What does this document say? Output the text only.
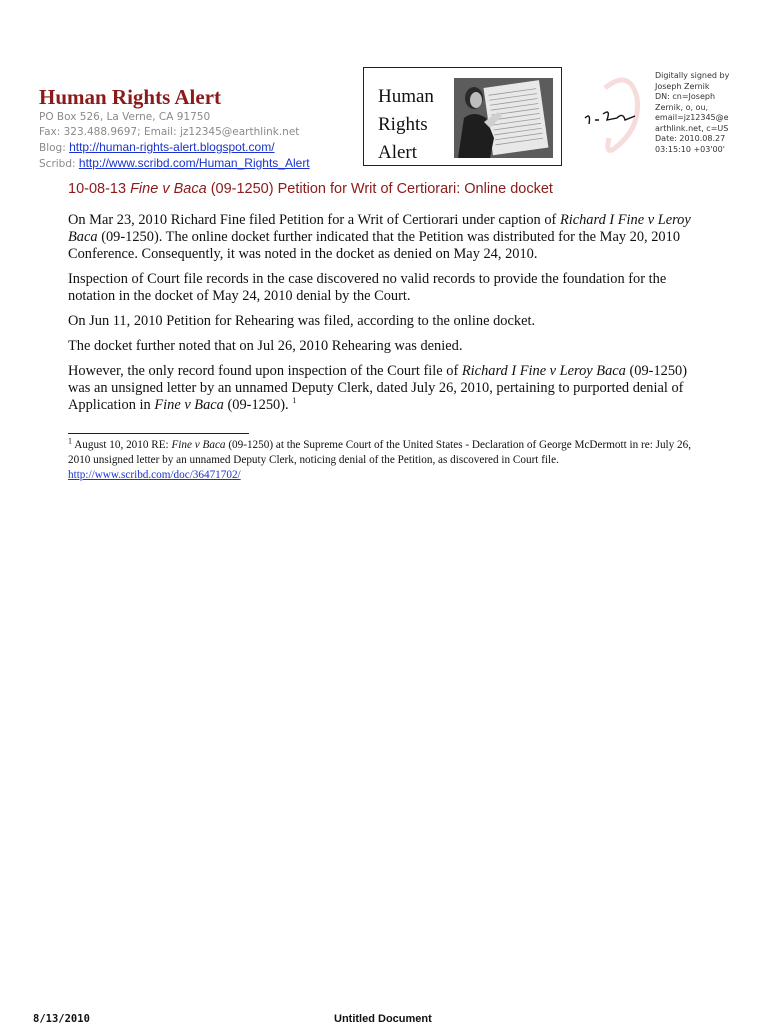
Human Rights Alert
PO Box 526, La Verne, CA 91750
Fax: 323.488.9697; Email: jz12345@earthlink.net
Blog: http://human-rights-alert.blogspot.com/
Scribd: http://www.scribd.com/Human_Rights_Alert
Human
Rights
Alert
Digitally signed by
Joseph Zernik
DN: cn=Joseph
Zernik, o, ou,
email=jz12345@e
arthlink.net, c=US
Date: 2010.08.27
03:15:10 +03'00'
10-08-13 Fine v Baca (09-1250) Petition for Writ of Certiorari: Online docket

On Mar 23, 2010 Richard Fine filed Petition for a Writ of Certiorari under caption of Richard I Fine v Leroy Baca (09-1250). The online docket further indicated that the Petition was distributed for the May 20, 2010 Conference. Consequently, it was noted in the docket as denied on May 24, 2010.

Inspection of Court file records in the case discovered no valid records to provide the foundation for the notation in the docket of May 24, 2010 denial by the Court.

On Jun 11, 2010 Petition for Rehearing was filed, according to the online docket.

The docket further noted that on Jul 26, 2010 Rehearing was denied.

However, the only record found upon inspection of the Court file of Richard I Fine v Leroy Baca (09-1250) was an unsigned letter by an unnamed Deputy Clerk, dated July 26, 2010, pertaining to purported denial of Application in Fine v Baca (09-1250). $^1$

$^1$ August 10, 2010 RE: Fine v Baca (09-1250) at the Supreme Court of the United States - Declaration of George McDermott in re: July 26, 2010 unsigned letter by an unnamed Deputy Clerk, noticing denial of the Petition, as discovered in Court file.
http://www.scribd.com/doc/36471702/
8/13/2010	Untitled Document
